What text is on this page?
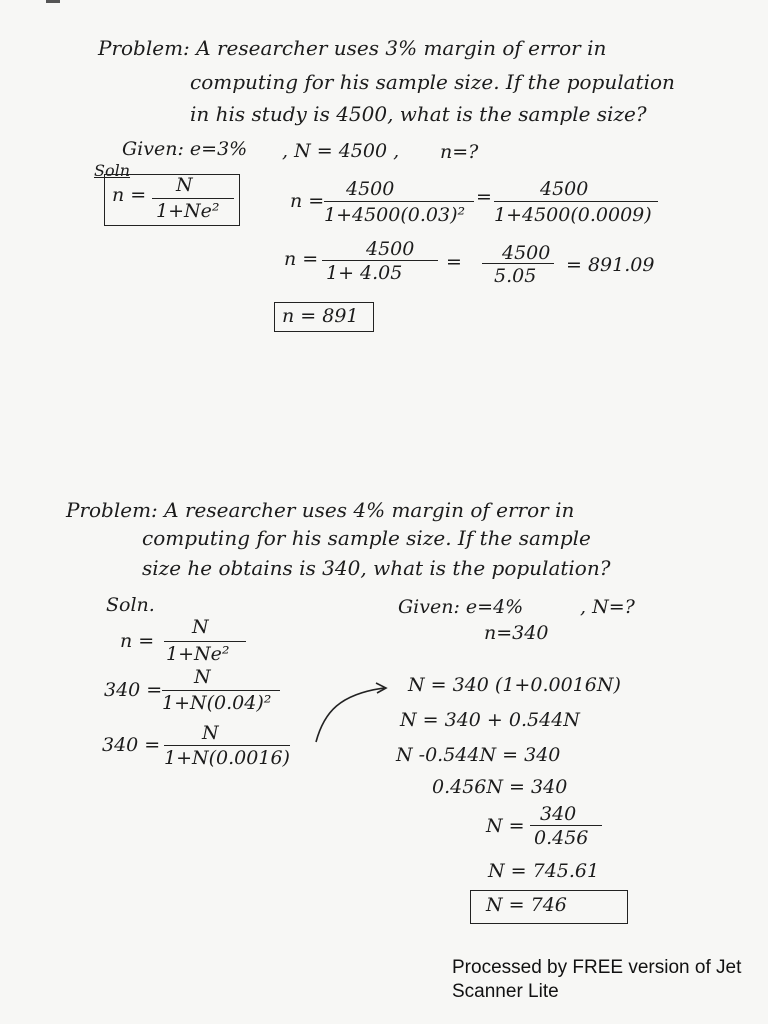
Problem: A researcher uses 3% margin of error in
computing for his sample size. If the population
in his study is 4500, what is the sample size?
Given: e=3% , N = 4500 , n=?
Soln
n = N
1+Ne²	n =
4500
1+4500(0.03)²
=	4500
1+4500(0.0009)
n =	4500
1+ 4.05 = 4500
5.05 = 891.09
n = 891
Problem: A researcher uses 4% margin of error in
computing for his sample size. If the sample
size he obtains is 340, what is the population?
Soln.	Given: e=4%	, N=?
n=340
n =
N
1+Ne²
340 =
N
1+N(0.04)²
340 =
N
1+N(0.0016)
N = 340 (1+0.0016N)
N = 340 + 0.544N
N -0.544N = 340
0.456N = 340
N =
340
0.456
N = 745.61
N = 746
Processed by FREE version of Jet Scanner Lite
